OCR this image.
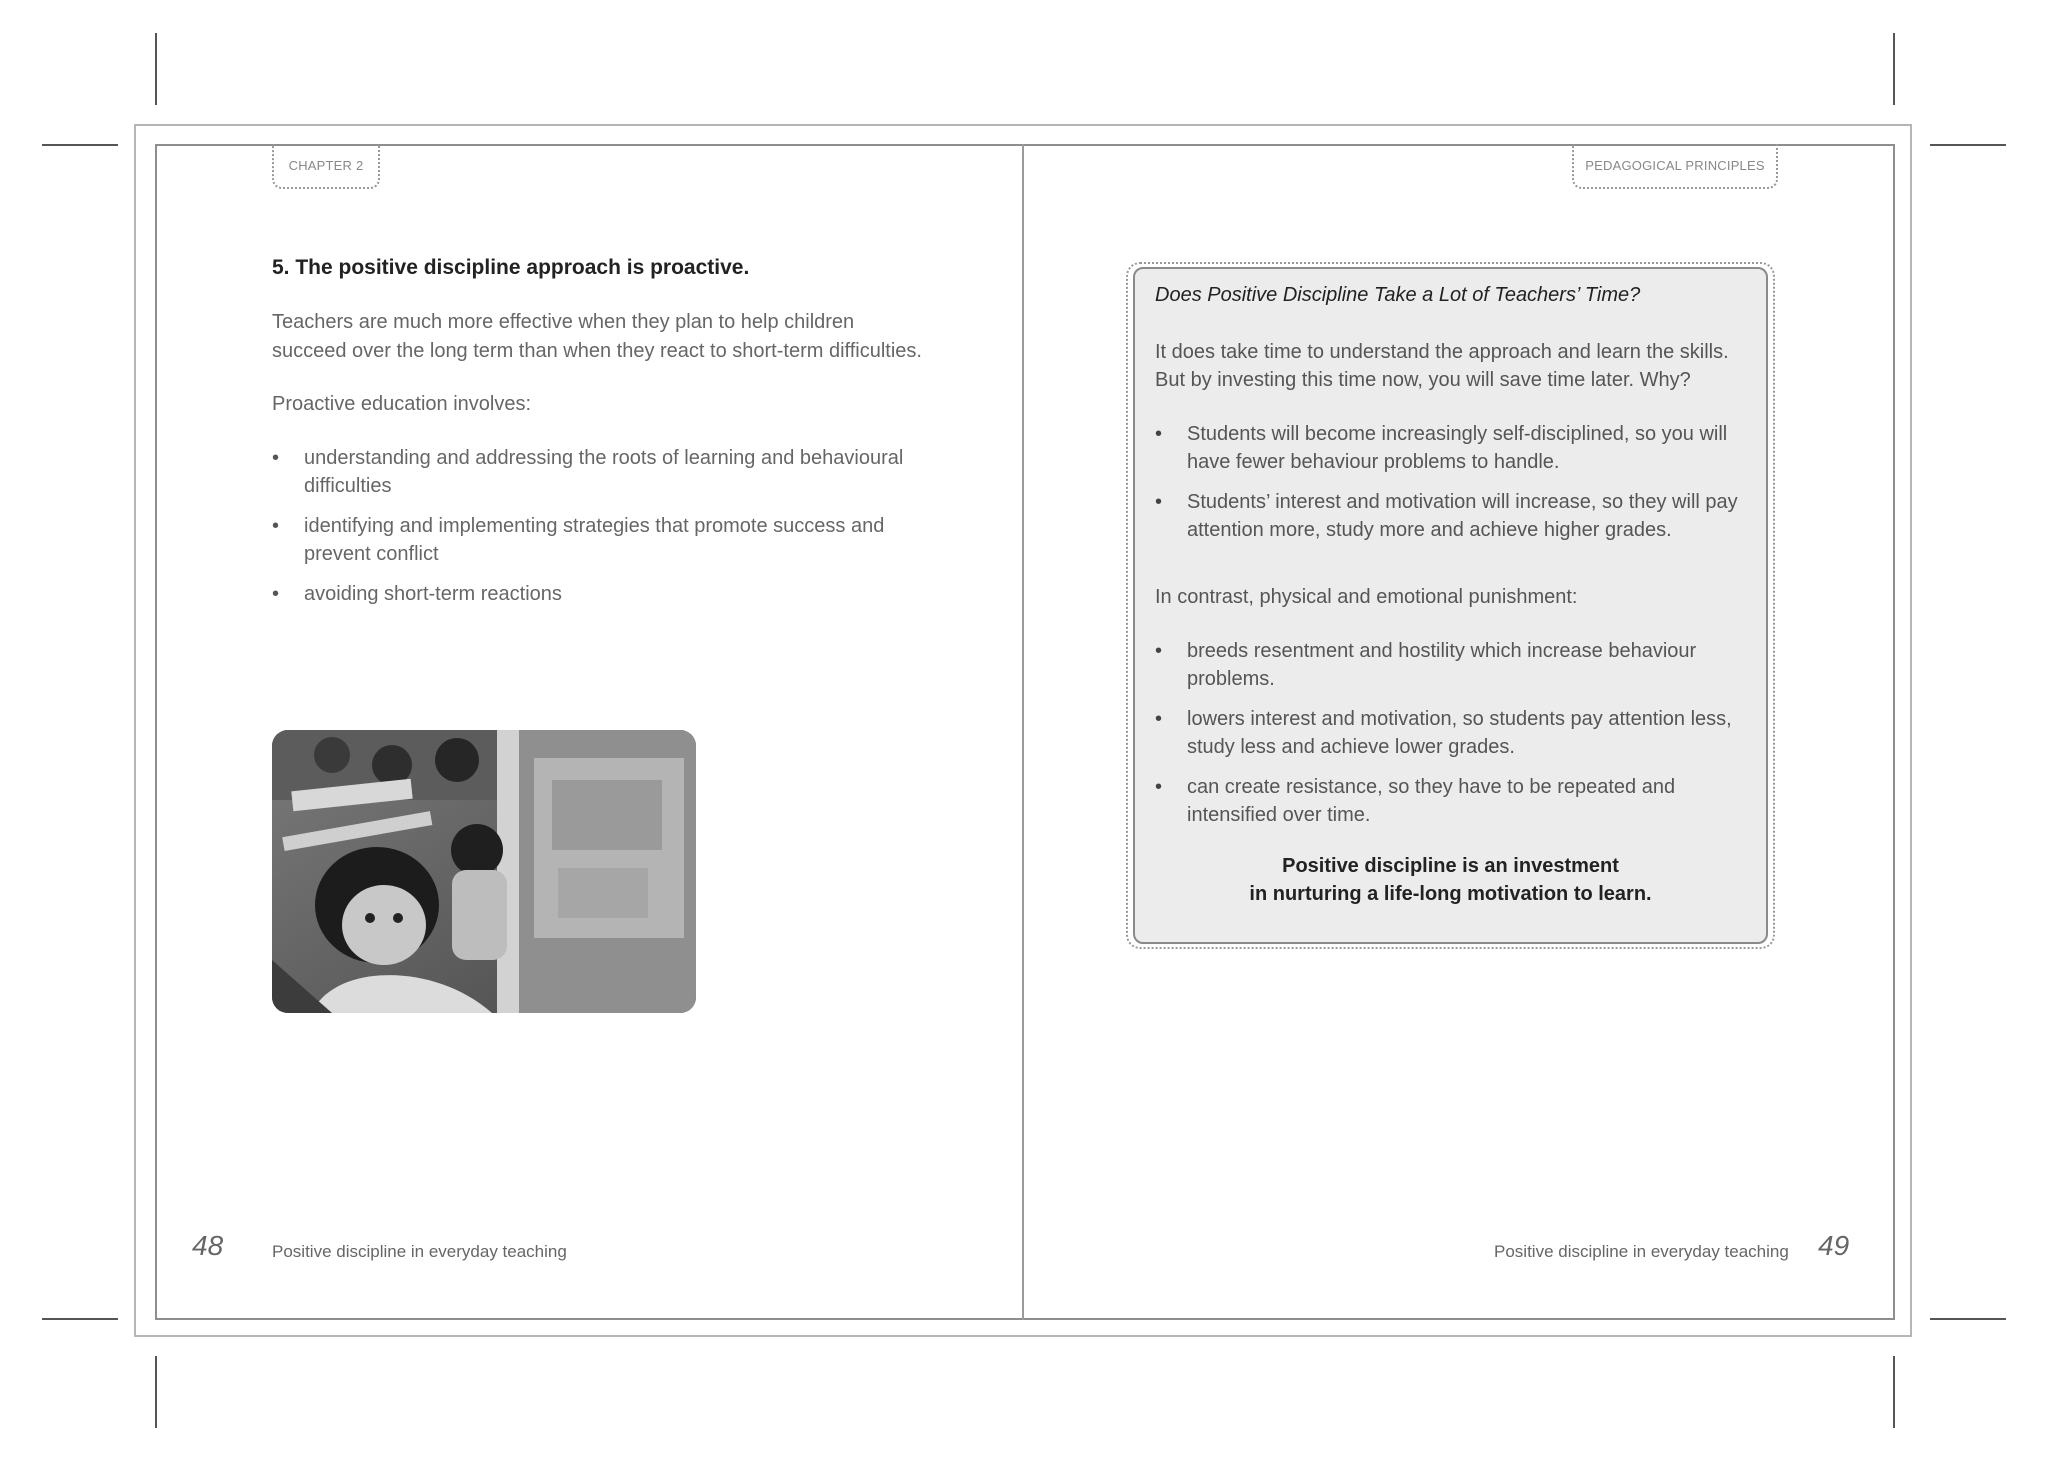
CHAPTER 2
5. The positive discipline approach is proactive.
Teachers are much more effective when they plan to help children succeed over the long term than when they react to short-term difficulties.
Proactive education involves:
• understanding and addressing the roots of learning and behavioural difficulties
• identifying and implementing strategies that promote success and prevent conflict
• avoiding short-term reactions
48	Positive discipline in everyday teaching
PEDAGOGICAL PRINCIPLES
Does Positive Discipline Take a Lot of Teachers’ Time?
It does take time to understand the approach and learn the skills. But by investing this time now, you will save time later. Why?
• Students will become increasingly self-disciplined, so you will have fewer behaviour problems to handle.
• Students’ interest and motivation will increase, so they will pay attention more, study more and achieve higher grades.
In contrast, physical and emotional punishment:
• breeds resentment and hostility which increase behaviour problems.
• lowers interest and motivation, so students pay attention less, study less and achieve lower grades.
• can create resistance, so they have to be repeated and intensified over time.
Positive discipline is an investment
in nurturing a life-long motivation to learn.
Positive discipline in everyday teaching 49
